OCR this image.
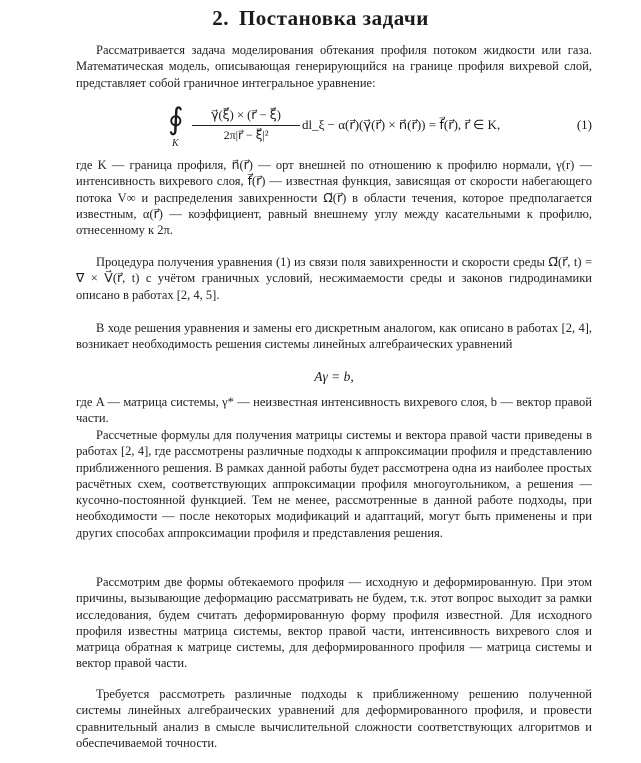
2. Постановка задачи
Рассматривается задача моделирования обтекания профиля потоком жидкости или газа. Математическая модель, описывающая генерирующийся на границе профиля вихревой слой, представляет собой граничное интегральное уравнение:
∮
K
$\frac{\gamma⃗(\xi⃗) \times (r⃗ - \xi⃗)}{\text{2π|r⃗ − ξ⃗|²}}$ dl_ξ − α(r⃗)(γ⃗(r⃗) × n⃗(r⃗)) = f⃗(r⃗), r⃗ ∈ K,	(1)
где K — граница профиля, n⃗(r⃗) — орт внешней по отношению к профилю нормали, γ(r) — интенсивность вихревого слоя, f⃗(r⃗) — известная функция, зависящая от скорости набегающего потока V∞ и распределения завихренности Ω⃗(r⃗) в области течения, которое предполагается известным, α(r⃗) — коэффициент, равный внешнему углу между касательными к профилю, отнесенному к 2π.
Процедура получения уравнения (1) из связи поля завихренности и скорости среды Ω⃗(r⃗, t) = ∇ × V⃗(r⃗, t) с учётом граничных условий, несжимаемости среды и законов гидродинамики описано в работах [2, 4, 5].
В ходе решения уравнения и замены его дискретным аналогом, как описано в работах [2, 4], возникает необходимость решения системы линейных алгебраических уравнений
Aγ = b,
где A — матрица системы, γ* — неизвестная интенсивность вихревого слоя, b — вектор правой части.
Рассчетные формулы для получения матрицы системы и вектора правой части приведены в работах [2, 4], где рассмотрены различные подходы к аппроксимации профиля и представлению приближенного решения. В рамках данной работы будет рассмотрена одна из наиболее простых расчётных схем, соответствующих аппроксимации профиля многоугольником, а решения — кусочно-постоянной функцией. Тем не менее, рассмотренные в данной работе подходы, при необходимости — после некоторых модификаций и адаптаций, могут быть применены и при других способах аппроксимации профиля и представления решения.
Рассмотрим две формы обтекаемого профиля — исходную и деформированную. При этом причины, вызывающие деформацию рассматривать не будем, т.к. этот вопрос выходит за рамки исследования, будем считать деформированную форму профиля известной. Для исходного профиля известны матрица системы, вектор правой части, интенсивность вихревого слоя и матрица обратная к матрице системы, для деформированного профиля — матрица системы и вектор правой части.
Требуется рассмотреть различные подходы к приближенному решению полученной системы линейных алгебраических уравнений для деформированного профиля, и провести сравнительный анализ в смысле вычислительной сложности соответствующих алгоритмов и обеспечиваемой точности.
